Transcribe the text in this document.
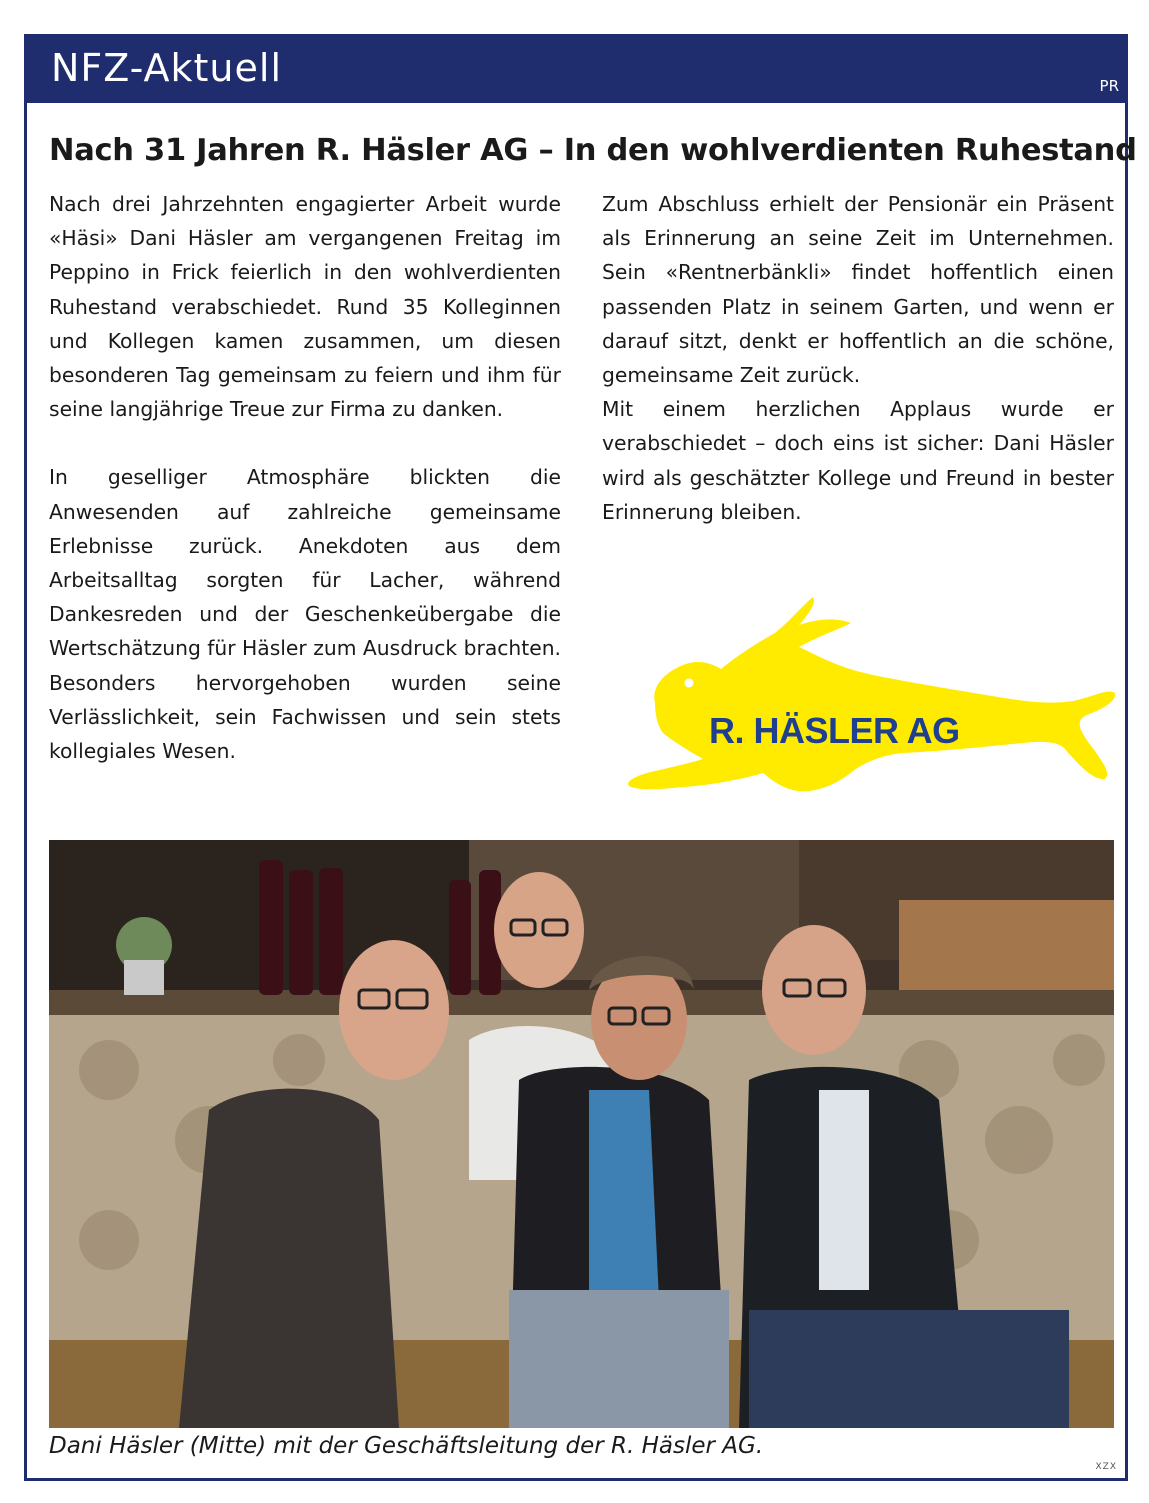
NFZ-Aktuell	PR
Nach 31 Jahren R. Häsler AG – In den wohlverdienten Ruhestand

Nach drei Jahrzehnten engagierter Arbeit wurde «Häsi» Dani Häsler am vergangenen Freitag im Peppino in Frick feierlich in den wohlverdienten Ruhestand verabschiedet. Rund 35 Kolleginnen und Kollegen kamen zusammen, um diesen besonderen Tag gemeinsam zu feiern und ihm für seine langjährige Treue zur Firma zu danken.

In geselliger Atmosphäre blickten die Anwesenden auf zahlreiche gemeinsame Erlebnisse zurück. Anekdoten aus dem Arbeitsalltag sorgten für Lacher, während Dankesreden und der Geschenkeübergabe die Wertschätzung für Häsler zum Ausdruck brachten. Besonders hervorgehoben wurden seine Verlässlichkeit, sein Fachwissen und sein stets kollegiales Wesen.

Zum Abschluss erhielt der Pensionär ein Präsent als Erinnerung an seine Zeit im Unternehmen. Sein «Rentnerbänkli» findet hoffentlich einen passenden Platz in seinem Garten, und wenn er darauf sitzt, denkt er hoffentlich an die schöne, gemeinsame Zeit zurück.

Mit einem herzlichen Applaus wurde er verabschiedet – doch eins ist sicher: Dani Häsler wird als geschätzter Kollege und Freund in bester Erinnerung bleiben.

R. HÄSLER AG
Dani Häsler (Mitte) mit der Geschäftsleitung der R. Häsler AG.
XZX
